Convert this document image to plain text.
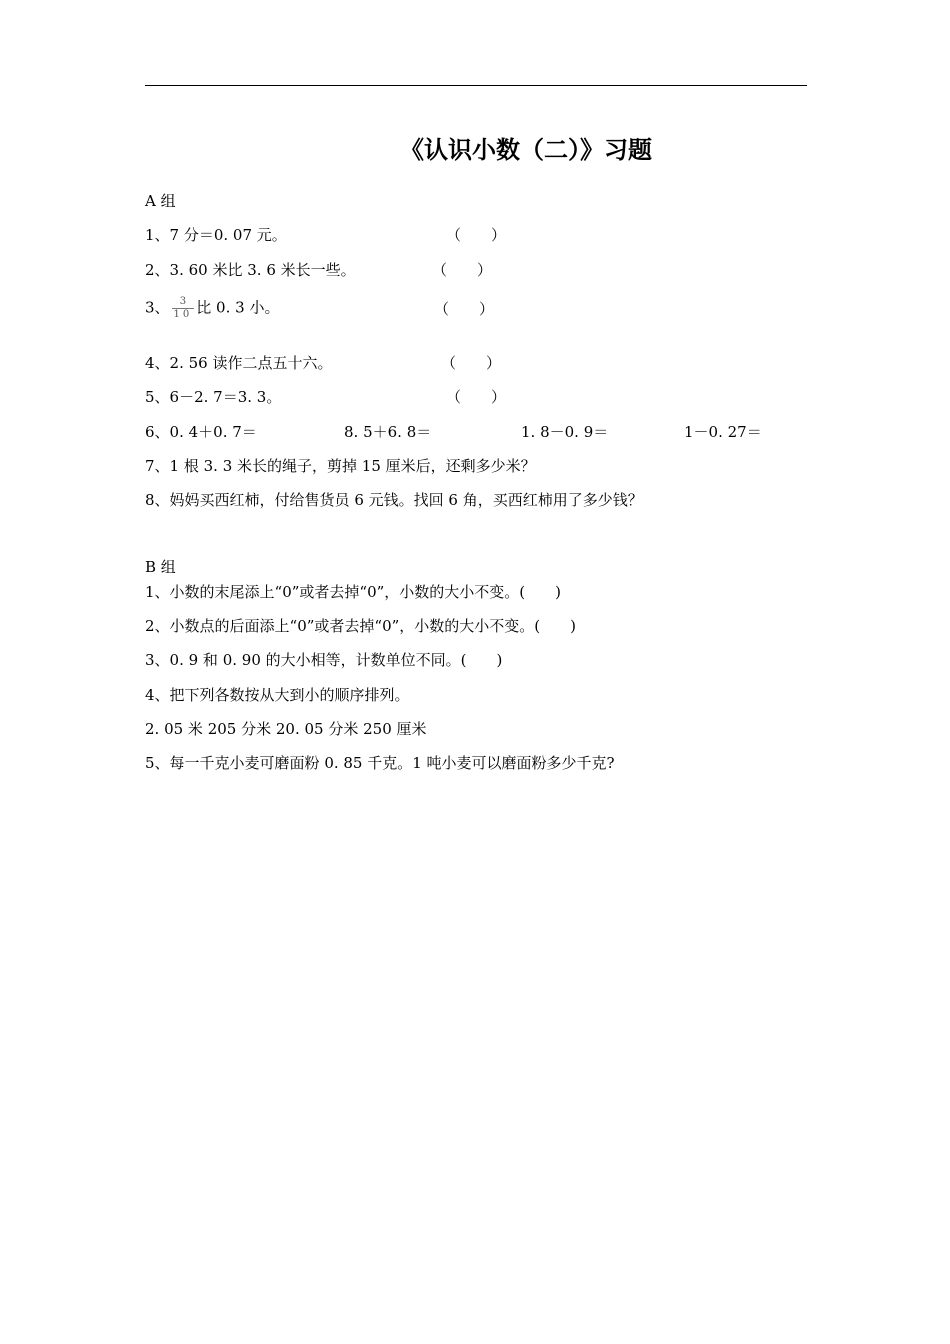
《认识小数（二）》习题
A 组
1、7 分＝0. 07 元。	（　　）
2、3. 60 米比 3. 6 米长一些。	（　　）
3、 $\frac{3}{10}$ 比 0. 3 小。	（　　）
4、2. 56 读作二点五十六。	（　　）
5、6－2. 7＝3. 3。	（　　）
6、0. 4＋0. 7＝	8. 5＋6. 8＝	1. 8－0. 9＝	1－0. 27＝
7、1 根 3. 3 米长的绳子，剪掉 15 厘米后，还剩多少米？
8、妈妈买西红柿，付给售货员 6 元钱。找回 6 角，买西红柿用了多少钱？
B 组
1、小数的末尾添上“0”或者去掉“0”，小数的大小不变。(　　)
2、小数点的后面添上“0”或者去掉“0”，小数的大小不变。(　　)
3、0. 9 和 0. 90 的大小相等，计数单位不同。(　　)
4、把下列各数按从大到小的顺序排列。
2. 05 米 205 分米 20. 05 分米 250 厘米
5、每一千克小麦可磨面粉 0. 85 千克。1 吨小麦可以磨面粉多少千克?
